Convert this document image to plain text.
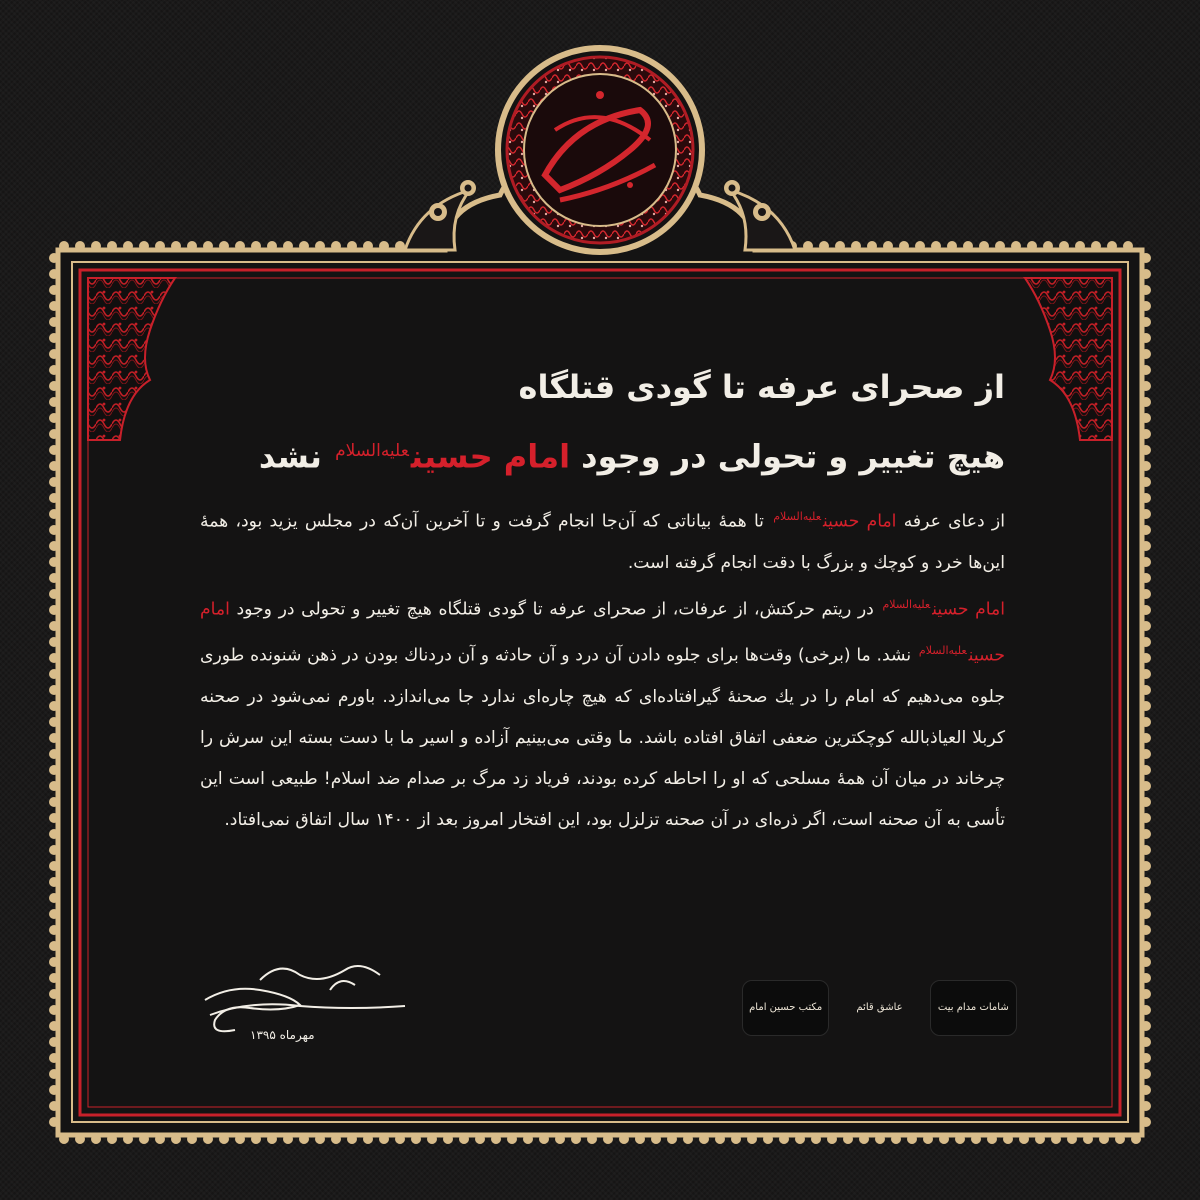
از صحرای عرفه تا گودی قتلگاه
هیچ تغییر و تحولی در وجود امام حسین$^{علیه‌السلام}$ نشد

از دعای عرفه امام حسین$^{علیه‌السلام}$ تا همهٔ بیاناتی که آن‌جا انجام گرفت و تا آخرین آن‌که در مجلس یزید بود، همهٔ این‌ها خرد و کوچك و بزرگ با دقت انجام گرفته است.

امام حسین$^{علیه‌السلام}$ در ریتم حرکتش، از عرفات، از صحرای عرفه تا گودی قتلگاه هیچ تغییر و تحولی در وجود امام حسین$^{علیه‌السلام}$ نشد. ما (برخی) وقت‌ها برای جلوه دادن آن درد و آن حادثه و آن دردناك بودن در ذهن شنونده طوری جلوه می‌دهیم که امام را در یك صحنهٔ گیرافتاده‌ای که هیچ چاره‌ای ندارد جا می‌اندازد. باورم نمی‌شود در صحنه کربلا العیاذبالله کوچکترین ضعفی اتفاق افتاده باشد. ما وقتی می‌بینیم آزاده و اسیر ما با دست بسته این سرش را چرخاند در میان آن همهٔ مسلحی که او را احاطه کرده بودند، فریاد زد مرگ بر صدام ضد اسلام! طبیعی است این تأسی به آن صحنه است، اگر ذره‌ای در آن صحنه تزلزل بود، این افتخار امروز بعد از ۱۴۰۰ سال اتفاق نمی‌افتاد.

مهرماه ۱۳۹۵
شامات مدام بیت
عاشق قائم
مکتب حسین امام
